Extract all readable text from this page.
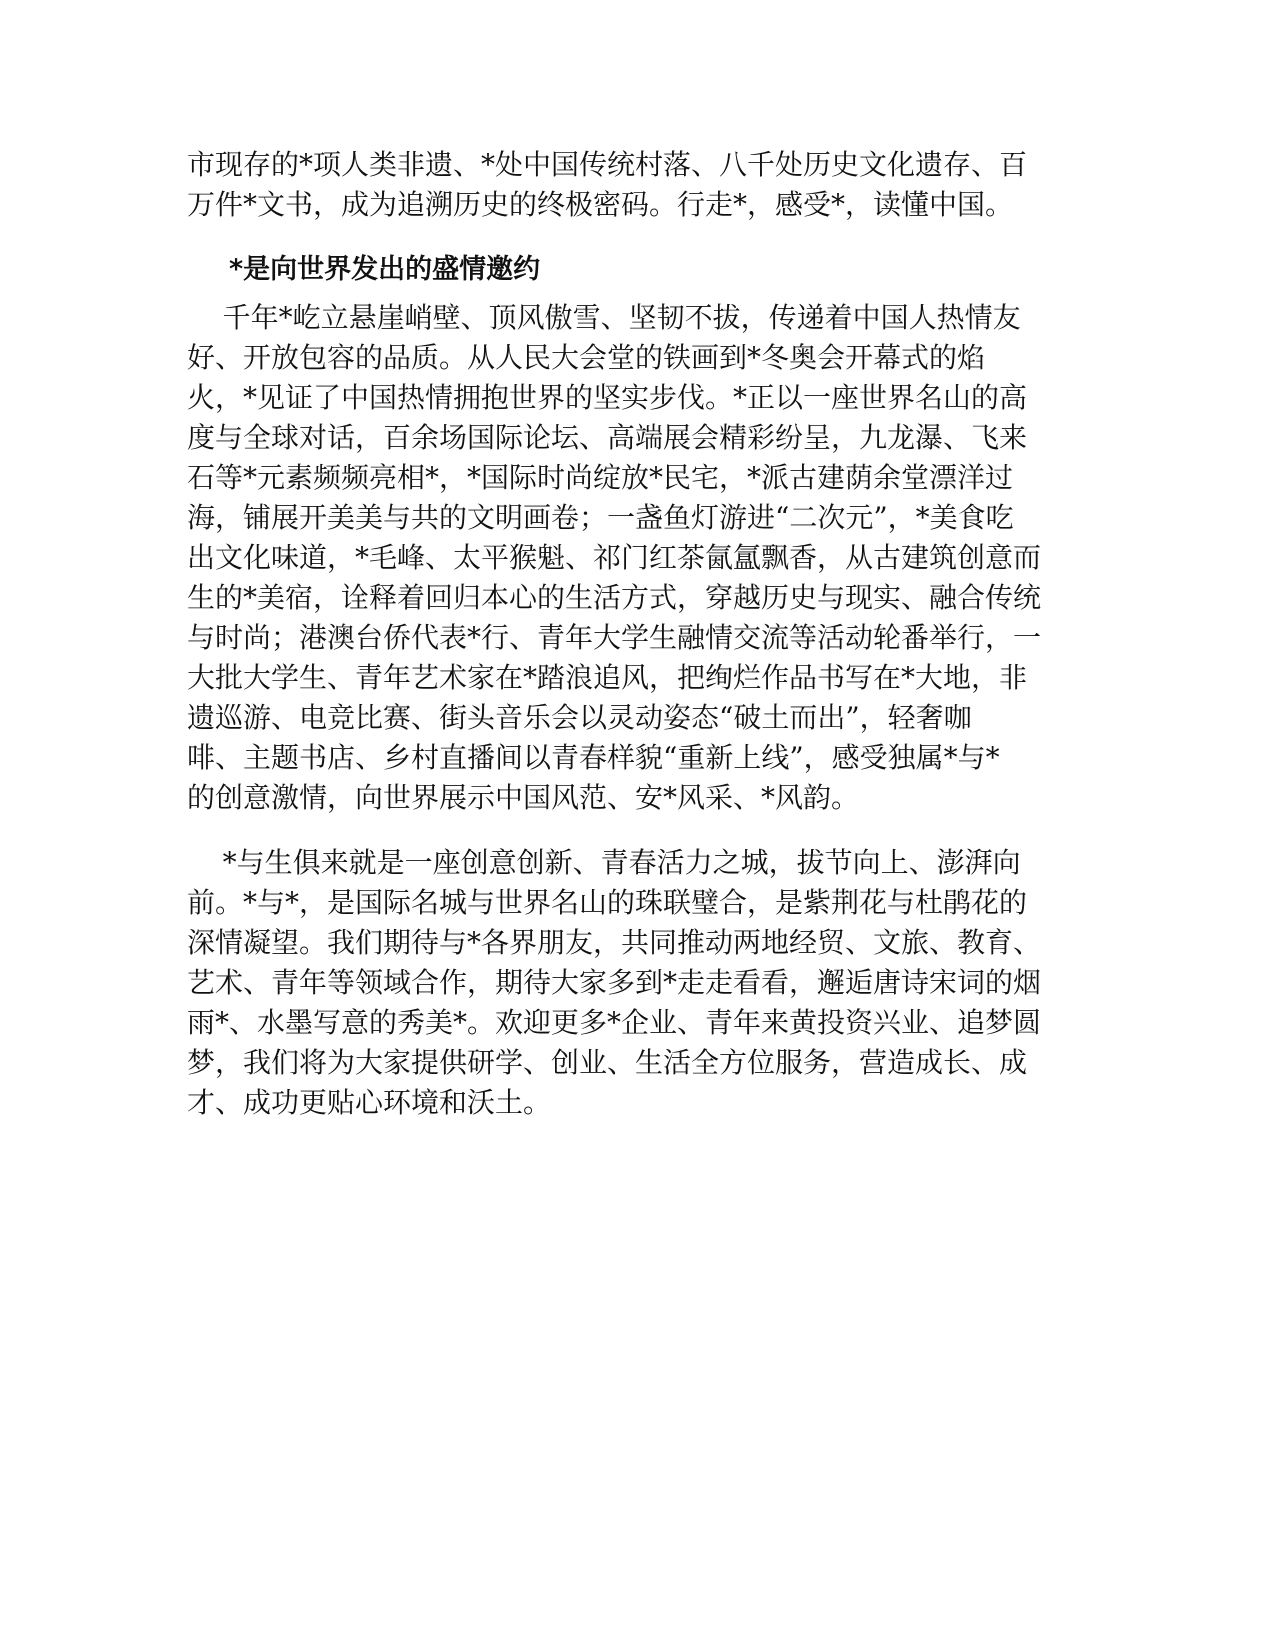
市现存的*项人类非遗、*处中国传统村落、八千处历史文化遗存、百
万件*文书，成为追溯历史的终极密码。行走*，感受*，读懂中国。
*是向世界发出的盛情邀约
千年*屹立悬崖峭壁、顶风傲雪、坚韧不拔，传递着中国人热情友
好、开放包容的品质。从人民大会堂的铁画到*冬奥会开幕式的焰
火，*见证了中国热情拥抱世界的坚实步伐。*正以一座世界名山的高
度与全球对话，百余场国际论坛、高端展会精彩纷呈，九龙瀑、飞来
石等*元素频频亮相*，*国际时尚绽放*民宅，*派古建荫余堂漂洋过
海，铺展开美美与共的文明画卷；一盏鱼灯游进“二次元”，*美食吃
出文化味道，*毛峰、太平猴魁、祁门红茶氤氲飘香，从古建筑创意而
生的*美宿，诠释着回归本心的生活方式，穿越历史与现实、融合传统
与时尚；港澳台侨代表*行、青年大学生融情交流等活动轮番举行，一
大批大学生、青年艺术家在*踏浪追风，把绚烂作品书写在*大地，非
遗巡游、电竞比赛、街头音乐会以灵动姿态“破土而出”，轻奢咖
啡、主题书店、乡村直播间以青春样貌“重新上线”，感受独属*与*
的创意激情，向世界展示中国风范、安*风采、*风韵。
*与生俱来就是一座创意创新、青春活力之城，拔节向上、澎湃向
前。*与*，是国际名城与世界名山的珠联璧合，是紫荆花与杜鹃花的
深情凝望。我们期待与*各界朋友，共同推动两地经贸、文旅、教育、
艺术、青年等领域合作，期待大家多到*走走看看，邂逅唐诗宋词的烟
雨*、水墨写意的秀美*。欢迎更多*企业、青年来黄投资兴业、追梦圆
梦，我们将为大家提供研学、创业、生活全方位服务，营造成长、成
才、成功更贴心环境和沃土。
